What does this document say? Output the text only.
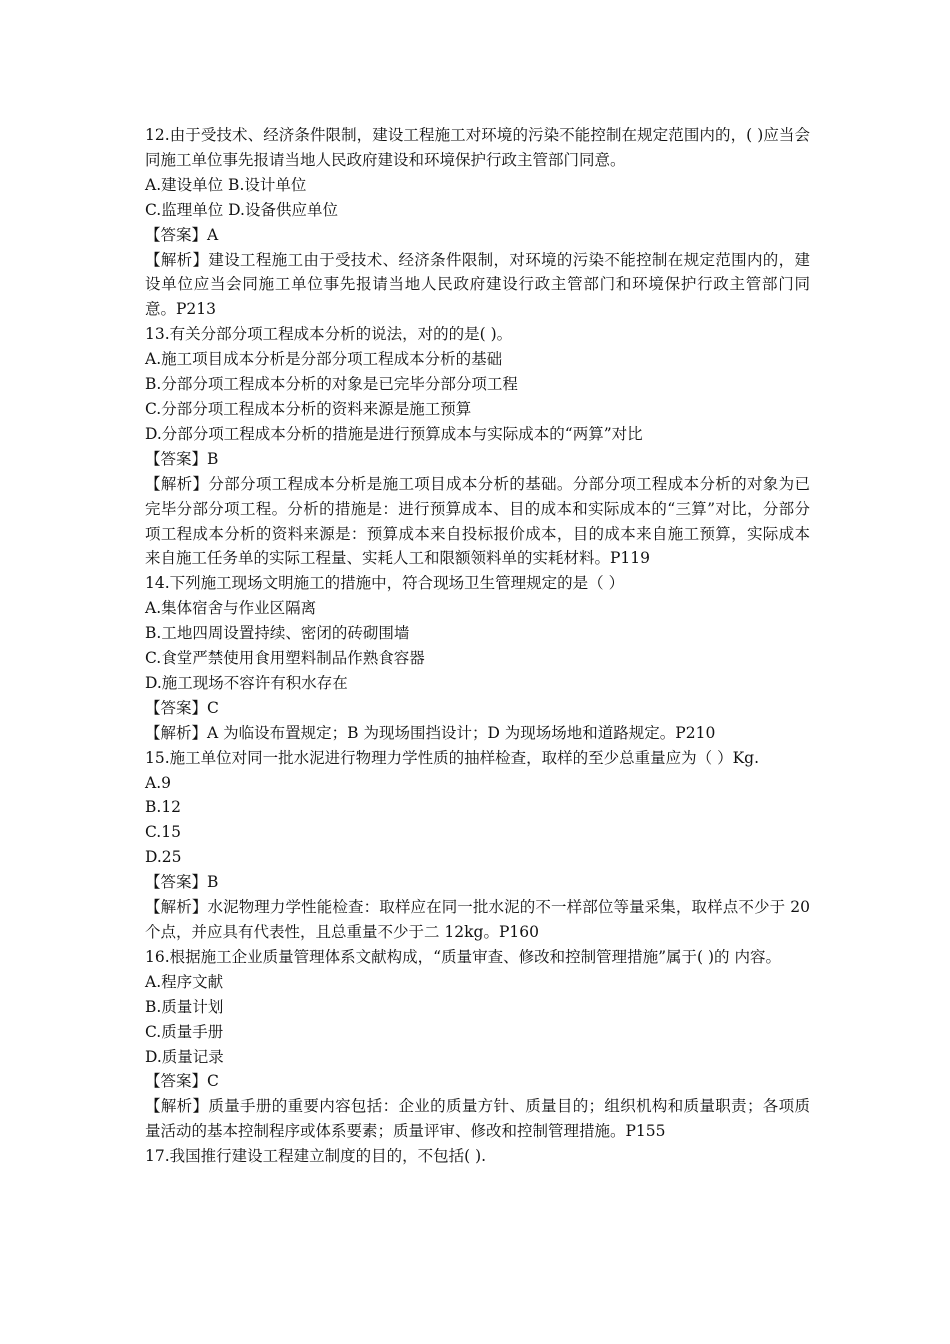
12.由于受技术、经济条件限制，建设工程施工对环境的污染不能控制在规定范围内的，( )应当会同施工单位事先报请当地人民政府建设和环境保护行政主管部门同意。
A.建设单位 B.设计单位
C.监理单位 D.设备供应单位
【答案】A
【解析】建设工程施工由于受技术、经济条件限制，对环境的污染不能控制在规定范围内的，建设单位应当会同施工单位事先报请当地人民政府建设行政主管部门和环境保护行政主管部门同意。P213
13.有关分部分项工程成本分析的说法，对的的是( )。
A.施工项目成本分析是分部分项工程成本分析的基础
B.分部分项工程成本分析的对象是已完毕分部分项工程
C.分部分项工程成本分析的资料来源是施工预算
D.分部分项工程成本分析的措施是进行预算成本与实际成本的“两算”对比
【答案】B
【解析】分部分项工程成本分析是施工项目成本分析的基础。分部分项工程成本分析的对象为已完毕分部分项工程。分析的措施是：进行预算成本、目的成本和实际成本的“三算”对比，分部分项工程成本分析的资料来源是：预算成本来自投标报价成本，目的成本来自施工预算，实际成本来自施工任务单的实际工程量、实耗人工和限额领料单的实耗材料。P119
14.下列施工现场文明施工的措施中，符合现场卫生管理规定的是（ ）
A.集体宿舍与作业区隔离
B.工地四周设置持续、密闭的砖砌围墙
C.食堂严禁使用食用塑料制品作熟食容器
D.施工现场不容许有积水存在
【答案】C
【解析】A 为临设布置规定；B 为现场围挡设计；D 为现场场地和道路规定。P210
15.施工单位对同一批水泥进行物理力学性质的抽样检查，取样的至少总重量应为（ ）Kg.
A.9
B.12
C.15
D.25
【答案】B
【解析】水泥物理力学性能检查：取样应在同一批水泥的不一样部位等量采集，取样点不少于 20 个点，并应具有代表性，且总重量不少于二 12kg。P160
16.根据施工企业质量管理体系文献构成，“质量审查、修改和控制管理措施”属于( )的 内容。
A.程序文献
B.质量计划
C.质量手册
D.质量记录
【答案】C
【解析】质量手册的重要内容包括：企业的质量方针、质量目的；组织机构和质量职责；各项质量活动的基本控制程序或体系要素；质量评审、修改和控制管理措施。P155
17.我国推行建设工程建立制度的目的，不包括( ).
